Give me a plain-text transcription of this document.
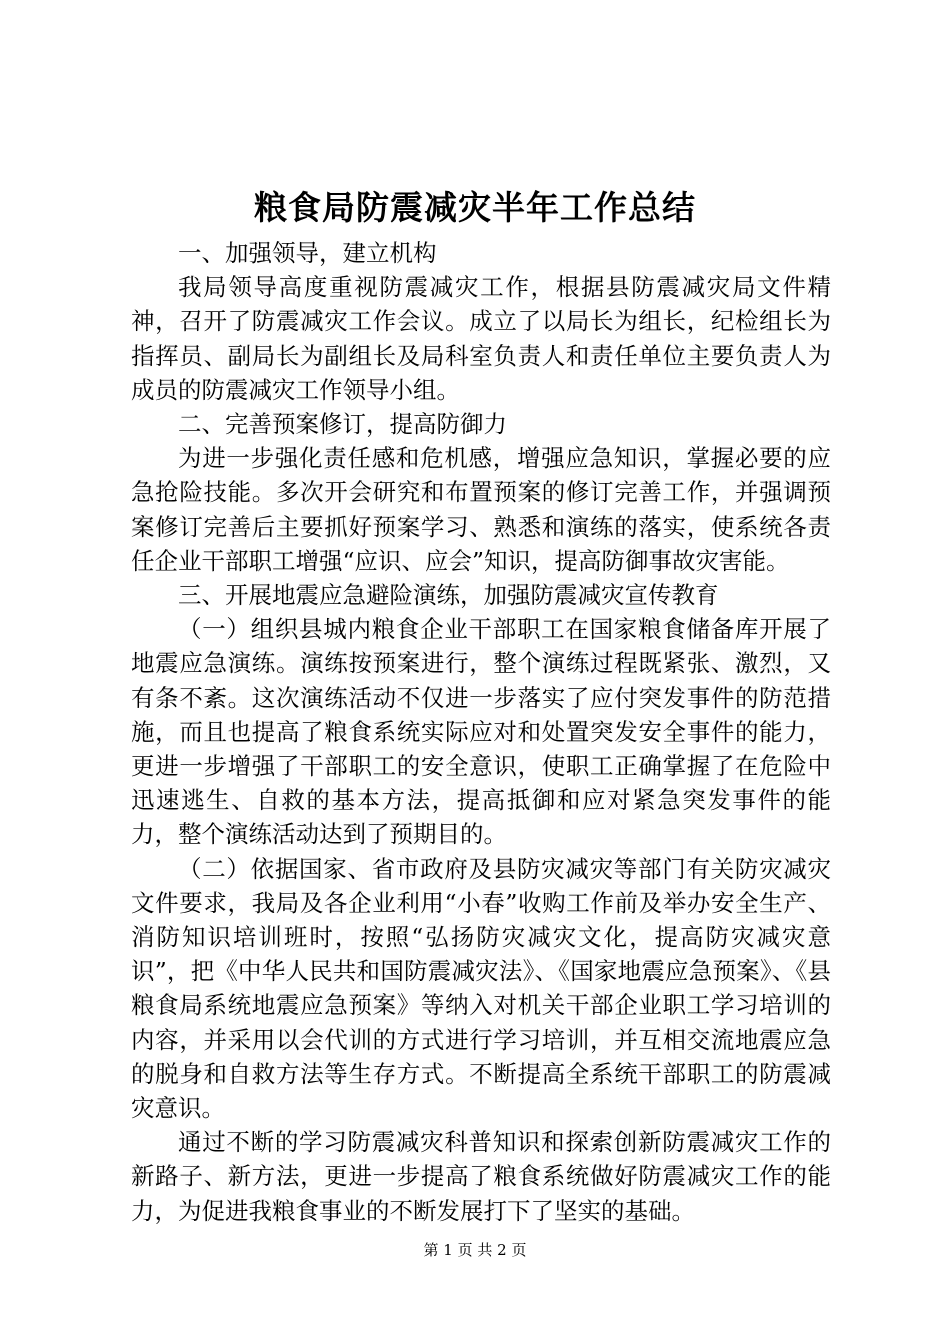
粮食局防震减灾半年工作总结

一、加强领导，建立机构

我局领导高度重视防震减灾工作，根据县防震减灾局文件精神，召开了防震减灾工作会议。成立了以局长为组长，纪检组长为指挥员、副局长为副组长及局科室负责人和责任单位主要负责人为成员的防震减灾工作领导小组。

二、完善预案修订，提高防御力

为进一步强化责任感和危机感，增强应急知识，掌握必要的应急抢险技能。多次开会研究和布置预案的修订完善工作，并强调预案修订完善后主要抓好预案学习、熟悉和演练的落实，使系统各责任企业干部职工增强“应识、应会”知识，提高防御事故灾害能。

三、开展地震应急避险演练，加强防震减灾宣传教育

（一）组织县城内粮食企业干部职工在国家粮食储备库开展了地震应急演练。演练按预案进行，整个演练过程既紧张、激烈，又有条不紊。这次演练活动不仅进一步落实了应付突发事件的防范措施，而且也提高了粮食系统实际应对和处置突发安全事件的能力，更进一步增强了干部职工的安全意识，使职工正确掌握了在危险中迅速逃生、自救的基本方法，提高抵御和应对紧急突发事件的能力，整个演练活动达到了预期目的。

（二）依据国家、省市政府及县防灾减灾等部门有关防灾减灾文件要求，我局及各企业利用“小春”收购工作前及举办安全生产、消防知识培训班时，按照“弘扬防灾减灾文化，提高防灾减灾意识”，把《中华人民共和国防震减灾法》、《国家地震应急预案》、《县粮食局系统地震应急预案》等纳入对机关干部企业职工学习培训的内容，并采用以会代训的方式进行学习培训，并互相交流地震应急的脱身和自救方法等生存方式。不断提高全系统干部职工的防震减灾意识。

通过不断的学习防震减灾科普知识和探索创新防震减灾工作的新路子、新方法，更进一步提高了粮食系统做好防震减灾工作的能力，为促进我粮食事业的不断发展打下了坚实的基础。

第 1 页 共 2 页
